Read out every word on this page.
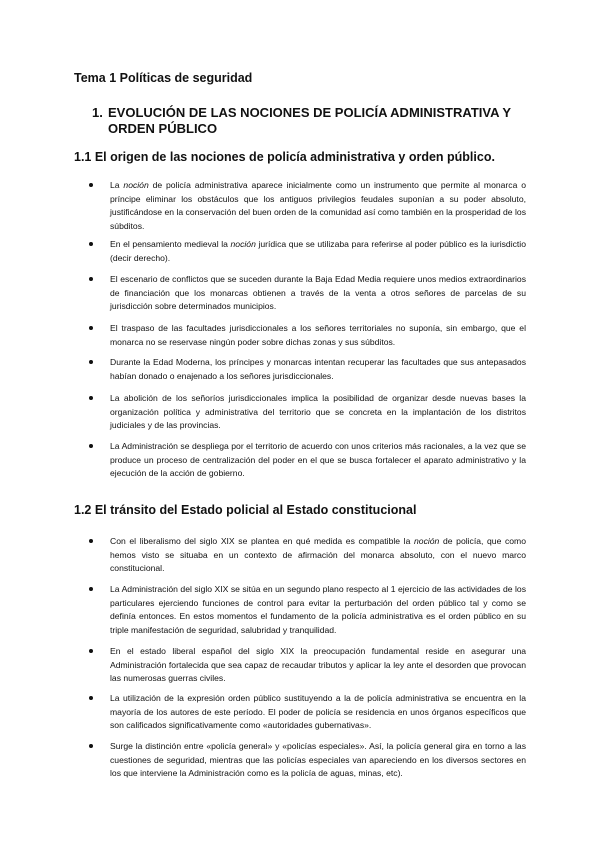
Tema 1 Políticas de seguridad
1. EVOLUCIÓN DE LAS NOCIONES DE POLICÍA ADMINISTRATIVA Y ORDEN PÚBLICO
1.1 El origen de las nociones de policía administrativa y orden público.
La noción de policía administrativa aparece inicialmente como un instrumento que permite al monarca o príncipe eliminar los obstáculos que los antiguos privilegios feudales suponían a su poder absoluto, justificándose en la conservación del buen orden de la comunidad así como también en la prosperidad de los súbditos.
En el pensamiento medieval la noción jurídica que se utilizaba para referirse al poder público es la iurisdictio (decir derecho).
El escenario de conflictos que se suceden durante la Baja Edad Media requiere unos medios extraordinarios de financiación que los monarcas obtienen a través de la venta a otros señores de parcelas de su jurisdicción sobre determinados municipios.
El traspaso de las facultades jurisdiccionales a los señores territoriales no suponía, sin embargo, que el monarca no se reservase ningún poder sobre dichas zonas y sus súbditos.
Durante la Edad Moderna, los príncipes y monarcas intentan recuperar las facultades que sus antepasados habían donado o enajenado a los señores jurisdiccionales.
La abolición de los señoríos jurisdiccionales implica la posibilidad de organizar desde nuevas bases la organización política y administrativa del territorio que se concreta en la implantación de los distritos judiciales y de las provincias.
La Administración se despliega por el territorio de acuerdo con unos criterios más racionales, a la vez que se produce un proceso de centralización del poder en el que se busca fortalecer el aparato administrativo y la ejecución de la acción de gobierno.
1.2 El tránsito del Estado policial al Estado constitucional
Con el liberalismo del siglo XIX se plantea en qué medida es compatible la noción de policía, que como hemos visto se situaba en un contexto de afirmación del monarca absoluto, con el nuevo marco constitucional.
La Administración del siglo XIX se sitúa en un segundo plano respecto al 1 ejercicio de las actividades de los particulares ejerciendo funciones de control para evitar la perturbación del orden público tal y como se definía entonces. En estos momentos el fundamento de la policía administrativa es el orden público en su triple manifestación de seguridad, salubridad y tranquilidad.
En el estado liberal español del siglo XIX la preocupación fundamental reside en asegurar una Administración fortalecida que sea capaz de recaudar tributos y aplicar la ley ante el desorden que provocan las numerosas guerras civiles.
La utilización de la expresión orden público sustituyendo a la de policía administrativa se encuentra en la mayoría de los autores de este período. El poder de policía se residencia en unos órganos específicos que son calificados significativamente como «autoridades gubernativas».
Surge la distinción entre «policía general» y «policías especiales». Así, la policía general gira en torno a las cuestiones de seguridad, mientras que las policías especiales van apareciendo en los diversos sectores en los que interviene la Administración como es la policía de aguas, minas, etc).
